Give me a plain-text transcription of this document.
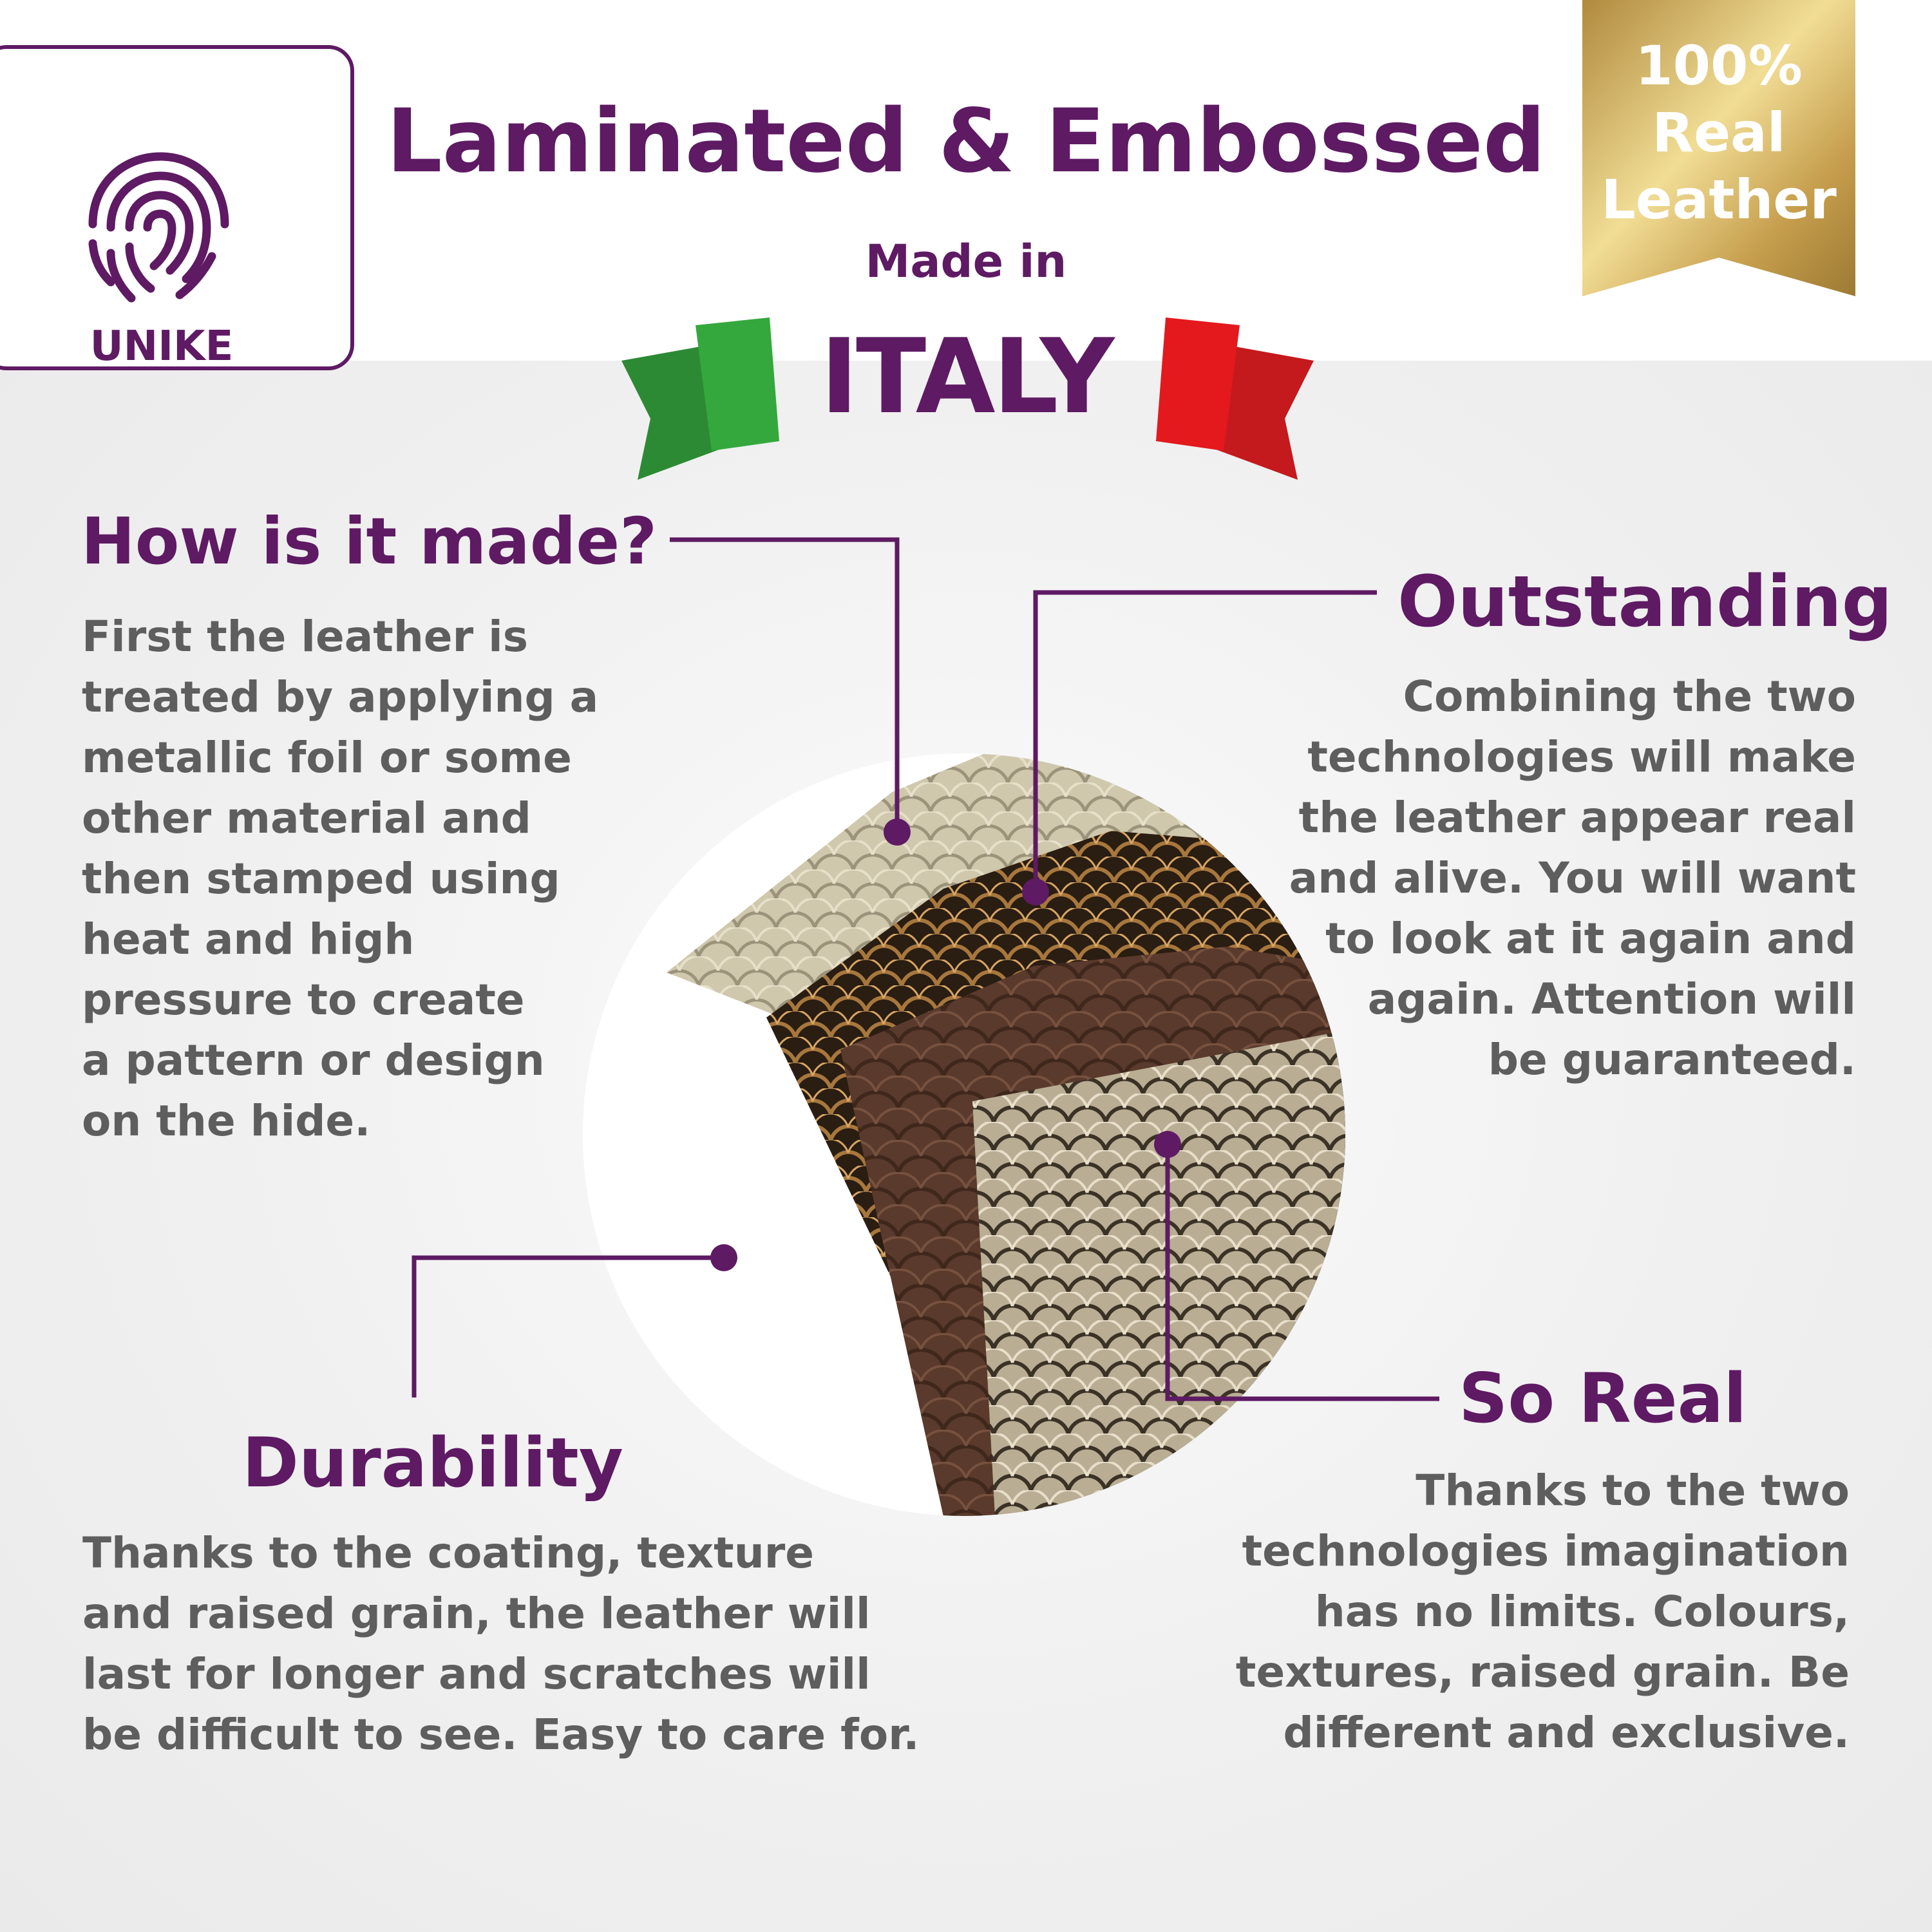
UNIKE
Laminated & Embossed
Made in
ITALY
100%
Real
Leather
How is it made?
First the leather is
treated by applying a
metallic foil or some
other material and
then stamped using
heat and high
pressure to create
a pattern or design
on the hide.
Outstanding
Combining the two
technologies will make
the leather appear real
and alive. You will want
to look at it again and
again. Attention will
be guaranteed.
Durability
Thanks to the coating, texture
and raised grain, the leather will
last for longer and scratches will
be difficult to see. Easy to care for.
So Real
Thanks to the two
technologies imagination
has no limits. Colours,
textures, raised grain. Be
different and exclusive.
